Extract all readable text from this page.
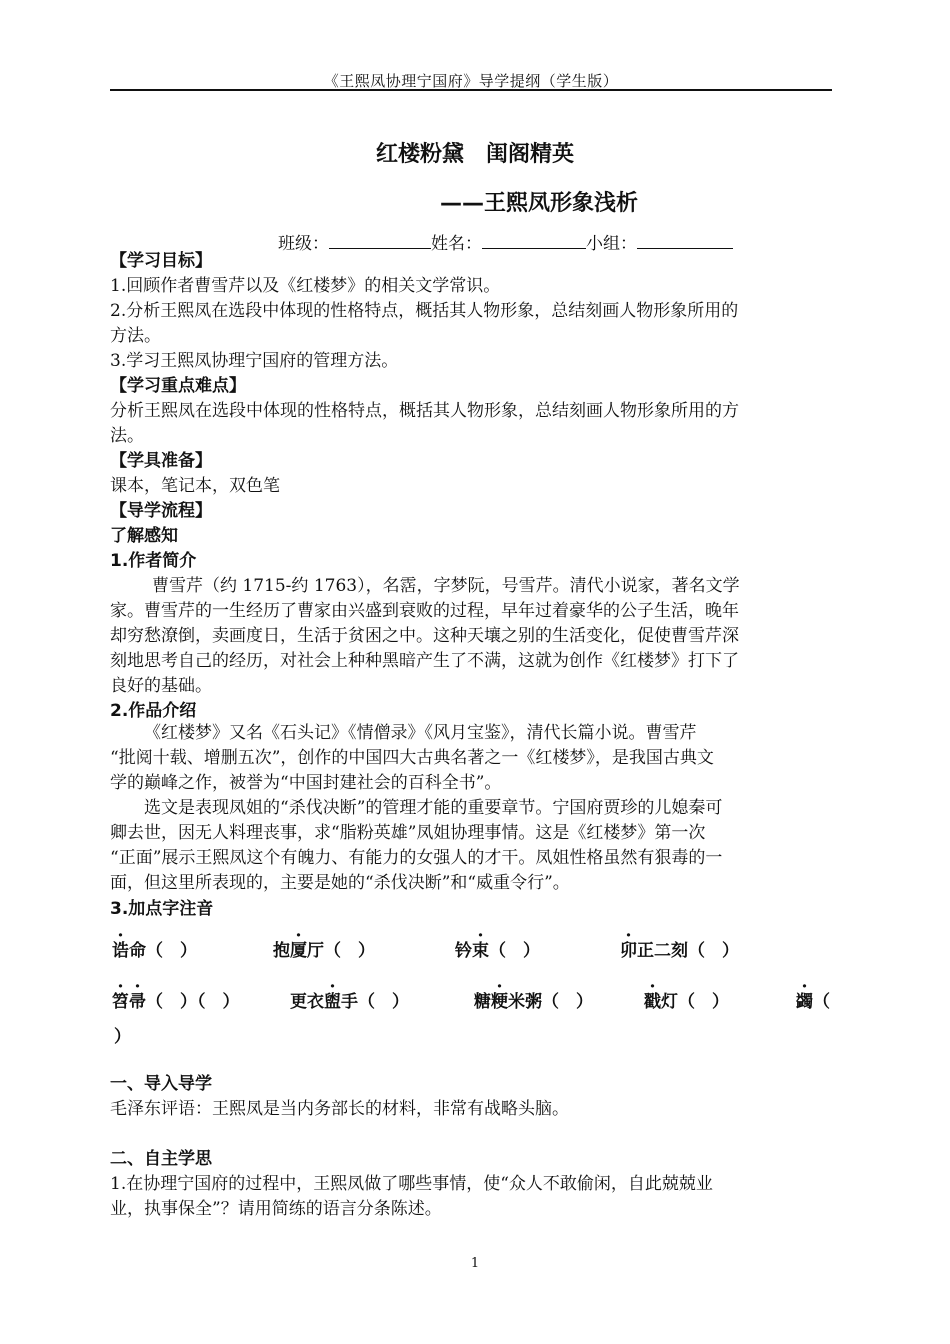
《王熙凤协理宁国府》导学提纲（学生版）
红楼粉黛　闺阁精英
——王熙凤形象浅析
班级：	姓名：	小组：
【学习目标】
1.回顾作者曹雪芹以及《红楼梦》的相关文学常识。
2.分析王熙凤在选段中体现的性格特点，概括其人物形象，总结刻画人物形象所用的
方法。
3.学习王熙凤协理宁国府的管理方法。
【学习重点难点】
分析王熙凤在选段中体现的性格特点，概括其人物形象，总结刻画人物形象所用的方
法。
【学具准备】
课本，笔记本，双色笔
【导学流程】
了解感知
1.作者简介
曹雪芹（约 1715-约 1763），名霑，字梦阮，号雪芹。清代小说家，著名文学
家。曹雪芹的一生经历了曹家由兴盛到衰败的过程，早年过着豪华的公子生活，晚年
却穷愁潦倒，卖画度日，生活于贫困之中。这种天壤之别的生活变化，促使曹雪芹深
刻地思考自己的经历，对社会上种种黑暗产生了不满，这就为创作《红楼梦》打下了
良好的基础。
2.作品介绍
《红楼梦》又名《石头记》《情僧录》《风月宝鉴》，清代长篇小说。曹雪芹
“批阅十载、增删五次”，创作的中国四大古典名著之一《红楼梦》，是我国古典文
学的巅峰之作，被誉为“中国封建社会的百科全书”。
选文是表现凤姐的“杀伐决断”的管理才能的重要章节。宁国府贾珍的儿媳秦可
卿去世，因无人料理丧事，求“脂粉英雄”凤姐协理事情。这是《红楼梦》第一次
“正面”展示王熙凤这个有魄力、有能力的女强人的才干。凤姐性格虽然有狠毒的一
面，但这里所表现的，主要是她的“杀伐决断”和“威重令行”。
3.加点字注音
诰命（　）	抱厦厅（　）	钤束（　）	卯正二刻（　）
笤帚（　）（　）	更衣盥手（　）	糖粳米粥（　）	戳灯（　）	蠲（
）
一、导入导学
毛泽东评语：王熙凤是当内务部长的材料，非常有战略头脑。
二、自主学思
1.在协理宁国府的过程中，王熙凤做了哪些事情，使“众人不敢偷闲，自此兢兢业
业，执事保全”？请用简练的语言分条陈述。
1
